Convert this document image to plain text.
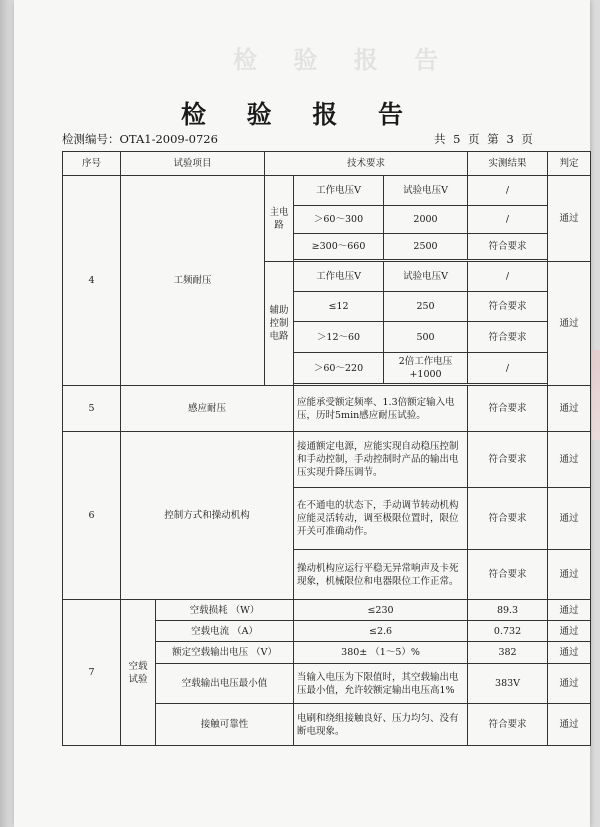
检 验 报 告
检 验 报 告
检测编号：OTA1-2009-0726	共 5 页 第 3 页
序号	试验项目		技术要求			实测结果	判定
4	工频耐压		主电路	工作电压V	试验电压V	/	通过
				＞60～300	2000	/	
				≥300～660	2500	符合要求	

			辅助控制电路	工作电压V	试验电压V	/	通过
				≤12	250	符合要求	
				＞12～60	500	符合要求	
				＞60～220	2倍工作电压+1000	/	

5	感应耐压			应能承受额定频率、1.3倍额定输入电压，历时5min感应耐压试验。		符合要求	通过
6	控制方式和操动机构			接通额定电源，应能实现自动稳压控制和手动控制，手动控制时产品的输出电压实现升降压调节。		符合要求	通过
				在不通电的状态下，手动调节转动机构应能灵活转动，调至极限位置时，限位开关可准确动作。		符合要求	通过
				操动机构应运行平稳无异常响声及卡死现象，机械限位和电器限位工作正常。		符合要求	通过
7	空载试验	空载损耗 （W）		≤230		89.3	通过
		空载电流 （A）		≤2.6		0.732	通过
		额定空载输出电压 （V）		380± （1～5）%		382	通过
		空载输出电压最小值		当输入电压为下限值时，其空载输出电压最小值，允许较额定输出电压高1%		383V	通过
		接触可靠性		电刷和绕组接触良好、压力均匀、没有断电现象。		符合要求	通过
